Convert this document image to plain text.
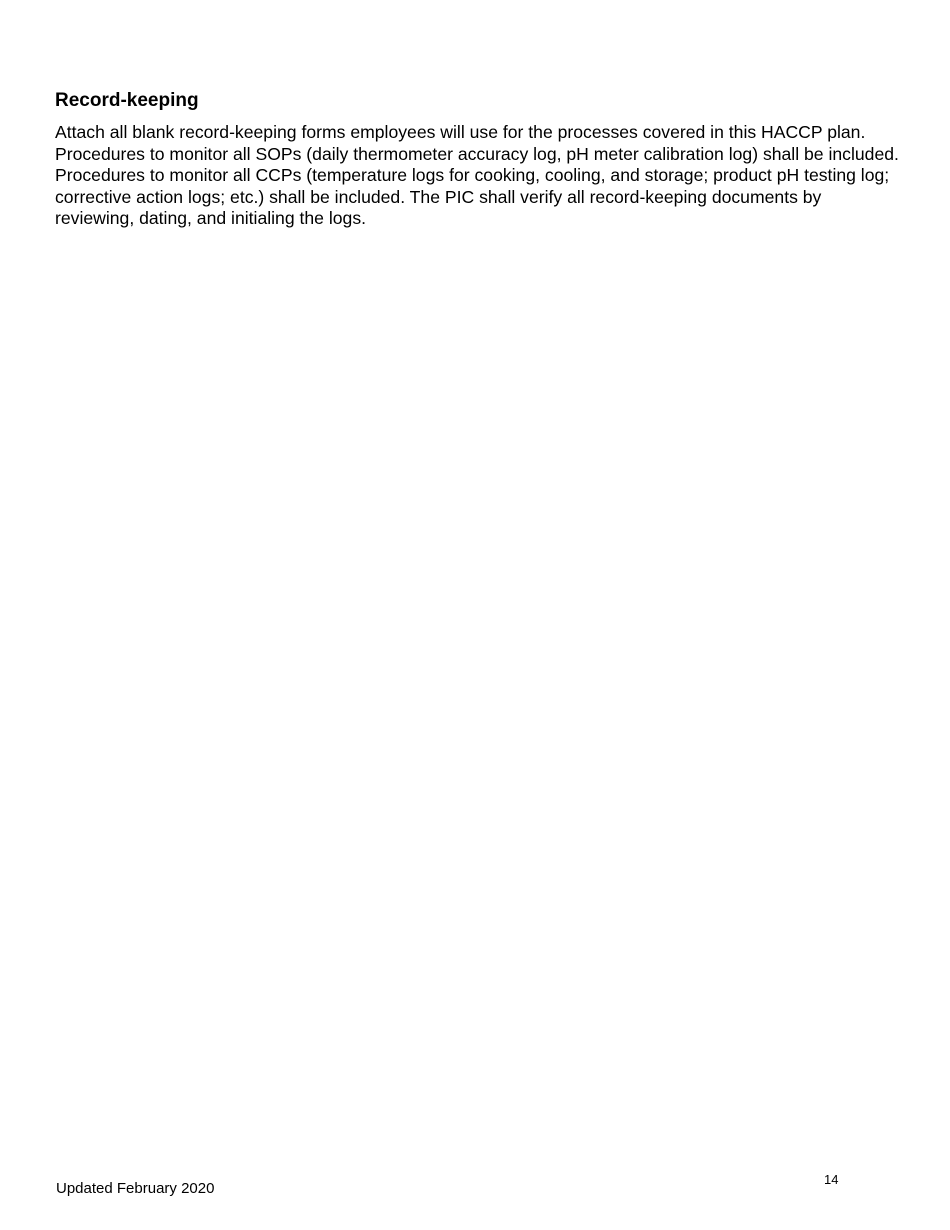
Record-keeping

Attach all blank record-keeping forms employees will use for the processes covered in this HACCP plan. Procedures to monitor all SOPs (daily thermometer accuracy log, pH meter calibration log) shall be included. Procedures to monitor all CCPs (temperature logs for cooking, cooling, and storage; product pH testing log; corrective action logs; etc.) shall be included. The PIC shall verify all record-keeping documents by reviewing, dating, and initialing the logs.

14
Updated February 2020
